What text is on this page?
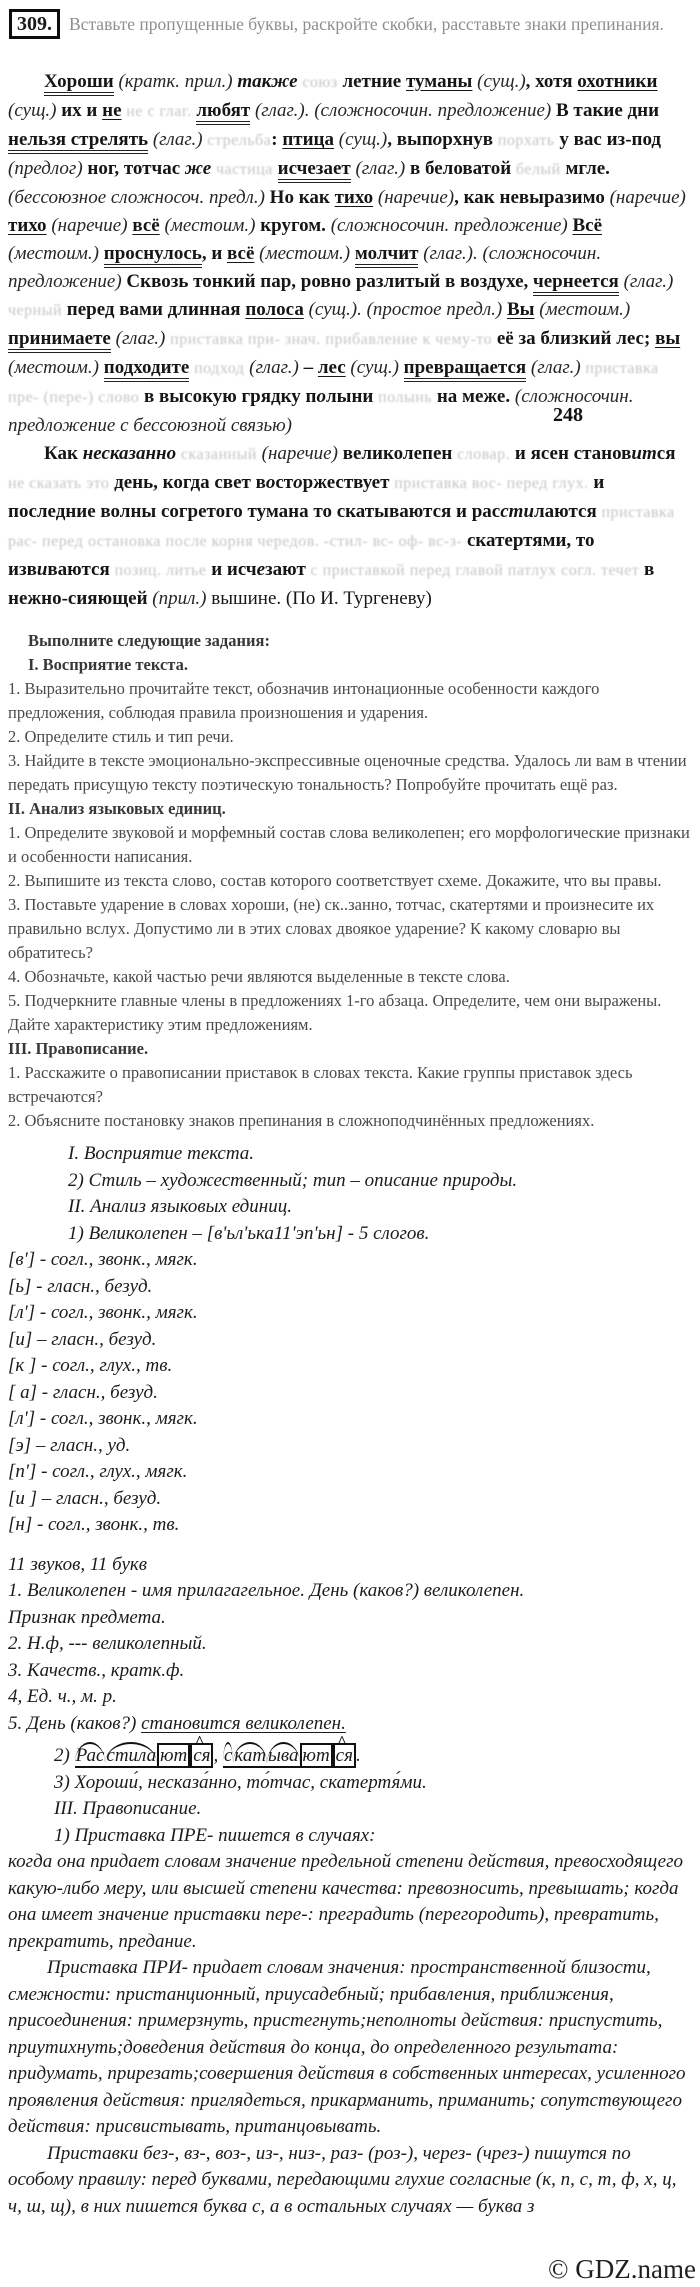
309. Вставьте пропущенные буквы, раскройте скобки, расставьте знаки препинания.

Хороши (кратк. прил.) также союз летние туманы (сущ.), хотя охотники (сущ.) их и не не с глаг. любят (глаг.). (сложносочин. предложение) В такие дни нельзя стрелять (глаг.) стрельба: птица (сущ.), выпорхнув порхать у вас из-под (предлог) ног, тотчас же частица исчезает (глаг.) в беловатой белый мгле. (бессоюзное сложносоч. предл.) Но как тихо (наречие), как невыразимо (наречие) тихо (наречие) всё (местоим.) кругом. (сложносочин. предложение) Всё (местоим.) проснулось, и всё (местоим.) молчит (глаг.). (сложносочин. предложение) Сквозь тонкий пар, ровно разлитый в воздухе, чернеется (глаг.) черный перед вами длинная полоса (сущ.). (простое предл.) Вы (местоим.) принимаете (глаг.) приставка при- знач. прибавление к чему-то её за близкий лес; вы (местоим.) подходите подход (глаг.) – лес (сущ.) превращается (глаг.) приставка пре- (пере-) слово в высокую грядку полыни полынь на меже. (сложносочин. предложение с бессоюзной связью)

Как несказанно сказанный (наречие) великолепен словар. и ясен становится не сказать это день, когда свет восторжествует приставка вос- перед глух. и последние волны согретого тумана то скатываются и расстилаются приставка рас- перед остановка после корня чередов. -стил- вс- оф- вс-з- скатертями, то извиваются позиц. литье и исчезают с приставкой перед главой патлух согл. течет в нежно-сияющей (прил.) вышине. (По И. Тургеневу)

Выполните следующие задания:
I. Восприятие текста.
1. Выразительно прочитайте текст, обозначив интонационные особенности каждого предложения, соблюдая правила произношения и ударения.
2. Определите стиль и тип речи.
3. Найдите в тексте эмоционально-экспрессивные оценочные средства. Удалось ли вам в чтении передать присущую тексту поэтическую тональность? Попробуйте прочитать ещё раз.
II. Анализ языковых единиц.
1. Определите звуковой и морфемный состав слова великолепен; его морфологические признаки и особенности написания.
2. Выпишите из текста слово, состав которого соответствует схеме. Докажите, что вы правы.
3. Поставьте ударение в словах хороши, (не) ск..занно, тотчас, скатертями и произнесите их правильно вслух. Допустимо ли в этих словах двоякое ударение? К какому словарю вы обратитесь?
4. Обозначьте, какой частью речи являются выделенные в тексте слова.
5. Подчеркните главные члены в предложениях 1-го абзаца. Определите, чем они выражены. Дайте характеристику этим предложениям.
III. Правописание.
1. Расскажите о правописании приставок в словах текста. Какие группы приставок здесь встречаются?
2. Объясните постановку знаков препинания в сложноподчинённых предложениях.
I. Восприятие текста.
2) Стиль – художественный; тип – описание природы.
II. Анализ языковых единиц.
1) Великолепен – [в'ьл'ька11'эп'ьн] - 5 слогов.
[в'] - согл., звонк., мягк.
[ь] - гласн., безуд.
[л'] - согл., звонк., мягк.
[и] – гласн., безуд.
[к ] - согл., глух., тв.
[ а] - гласн., безуд.
[л'] - согл., звонк., мягк.
[э] – гласн., уд.
[п'] - согл., глух., мягк.
[и ] – гласн., безуд.
[н] - согл., звонк., тв.
11 звуков, 11 букв
1. Великолепен - имя прилагагельное. День (каков?) великолепен.
Признак предмета.
2. Н.ф, --- великолепный.
3. Качеств., кратк.ф.
4, Ед. ч., м. р.
5. День (каков?) становится великолепен.
2) Рас стила ют ся ^ , с кат ыва ют ся ^ .
3) Хороши́, несказа́нно, то́тчас, скатертя́ми.
III. Правописание.
1) Приставка ПРЕ- пишется в случаях:
когда она придает словам значение предельной степени действия, превосходящего какую-либо меру, или высшей степени качества: превозносить, превышать; когда она имеет значение приставки пере-: преградить (перегородить), превратить, прекратить, предание.
Приставка ПРИ- придает словам значения: пространственной близости, смежности: пристанционный, приусадебный; прибавления, приближения, присоединения: примерзнуть, пристегнуть;неполноты действия: приспустить, приутихнуть;доведения действия до конца, до определенного результата: придумать, прирезать;совершения действия в собственных интересах, усиленного проявления действия: приглядеться, прикарманить, приманить; сопутствующего действия: присвистывать, пританцовывать.
Приставки без-, вз-, воз-, из-, низ-, раз- (роз-), через- (чрез-) пишутся по особому правилу: перед буквами, передающими глухие согласные (к, п, с, т, ф, х, ц, ч, ш, щ), в них пишется буква с, а в остальных случаях — буква з
248
© GDZ.name
